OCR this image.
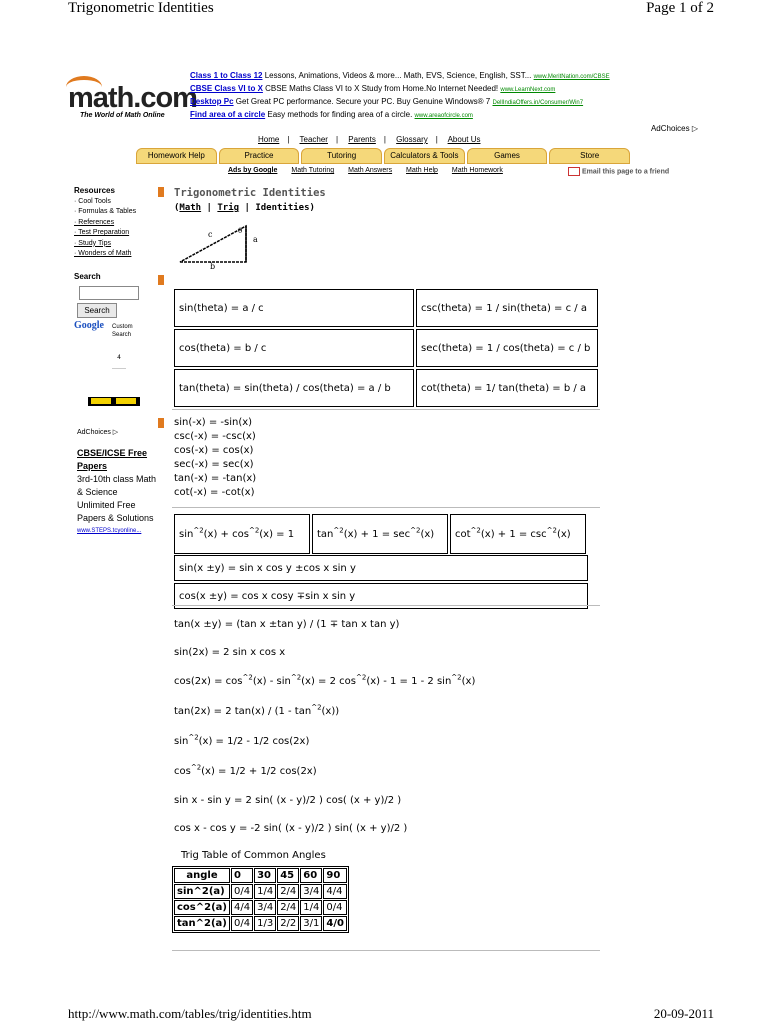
Trigonometric Identities	Page 1 of 2
http://www.math.com/tables/trig/identities.htm	20-09-2011
math.com
The World of Math Online
Class 1 to Class 12 Lessons, Animations, Videos & more... Math, EVS, Science, English, SST... www.MeritNation.com/CBSE
CBSE Class VI to X CBSE Maths Class VI to X Study from Home.No Internet Needed! www.LearnNext.com
Desktop Pc Get Great PC performance. Secure your PC. Buy Genuine Windows® 7 DellIndiaOffers.in/Consumer/Win7
Find area of a circle Easy methods for finding area of a circle. www.areaofcircle.com
AdChoices ▷
Home | Teacher | Parents | Glossary | About Us
Homework Help	Practice	Tutoring	Calculators & Tools	Games	Store
Ads by Google Math Tutoring Math Answers Math Help Math Homework	Email this page to a friend
Resources
· Cool Tools
· Formulas & Tables
· References
· Test Preparation
· Study Tips
· Wonders of Math
Search
Search
Google Custom Search
4
AdChoices ▷
CBSE/ICSE Free Papers
3rd-10th class Math & Science Unlimited Free Papers & Solutions
www.STEPS.tcyonline...
Trigonometric Identities
(Math | Trig | Identities)
c
a
b
θ
sin(theta) = a / c	csc(theta) = 1 / sin(theta) = c / a
cos(theta) = b / c	sec(theta) = 1 / cos(theta) = c / b
tan(theta) = sin(theta) / cos(theta) = a / b	cot(theta) = 1/ tan(theta) = b / a
sin(-x) = -sin(x)
csc(-x) = -csc(x)
cos(-x) = cos(x)
sec(-x) = sec(x)
tan(-x) = -tan(x)
cot(-x) = -cot(x)
$\sin^{\^{}2}(x) + \cos^{\^{}2}(x) = 1$	$\tan^{\^{}2}(x) + 1 = \sec^{\^{}2}(x)$	$\cot^{\^{}2}(x) + 1 = \csc^{\^{}2}(x)$
sin(x ±y) = sin x cos y ±cos x sin y
cos(x ±y) = cos x cosy ∓sin x sin y
tan(x ±y) = (tan x ±tan y) / (1 ∓ tan x tan y)
sin(2x) = 2 sin x cos x
$\cos(2x) = \cos^{\^{}2}(x) - \sin^{\^{}2}(x) = 2$ $\cos^{\^{}2}(x) - 1 = 1 - 2$ $\sin^{\^{}2}(x)$
tan(2x) = 2 $\tan(x) / (1 - \tan^{\^{}2}(x))$
$\sin^{\^{}2}(x) = 1/2 - 1/2$ cos(2x)
$\cos^{\^{}2}(x) = 1/2 + 1/2$ cos(2x)
sin x - sin y = 2 sin( (x - y)/2 ) cos( (x + y)/2 )
cos x - cos y = -2 sin( (x - y)/2 ) sin( (x + y)/2 )
Trig Table of Common Angles
angle	0	30	45	60	90
sin^2(a)	0/4	1/4	2/4	3/4	4/4
cos^2(a)	4/4	3/4	2/4	1/4	0/4
tan^2(a)	0/4	1/3	2/2	3/1	4/0
